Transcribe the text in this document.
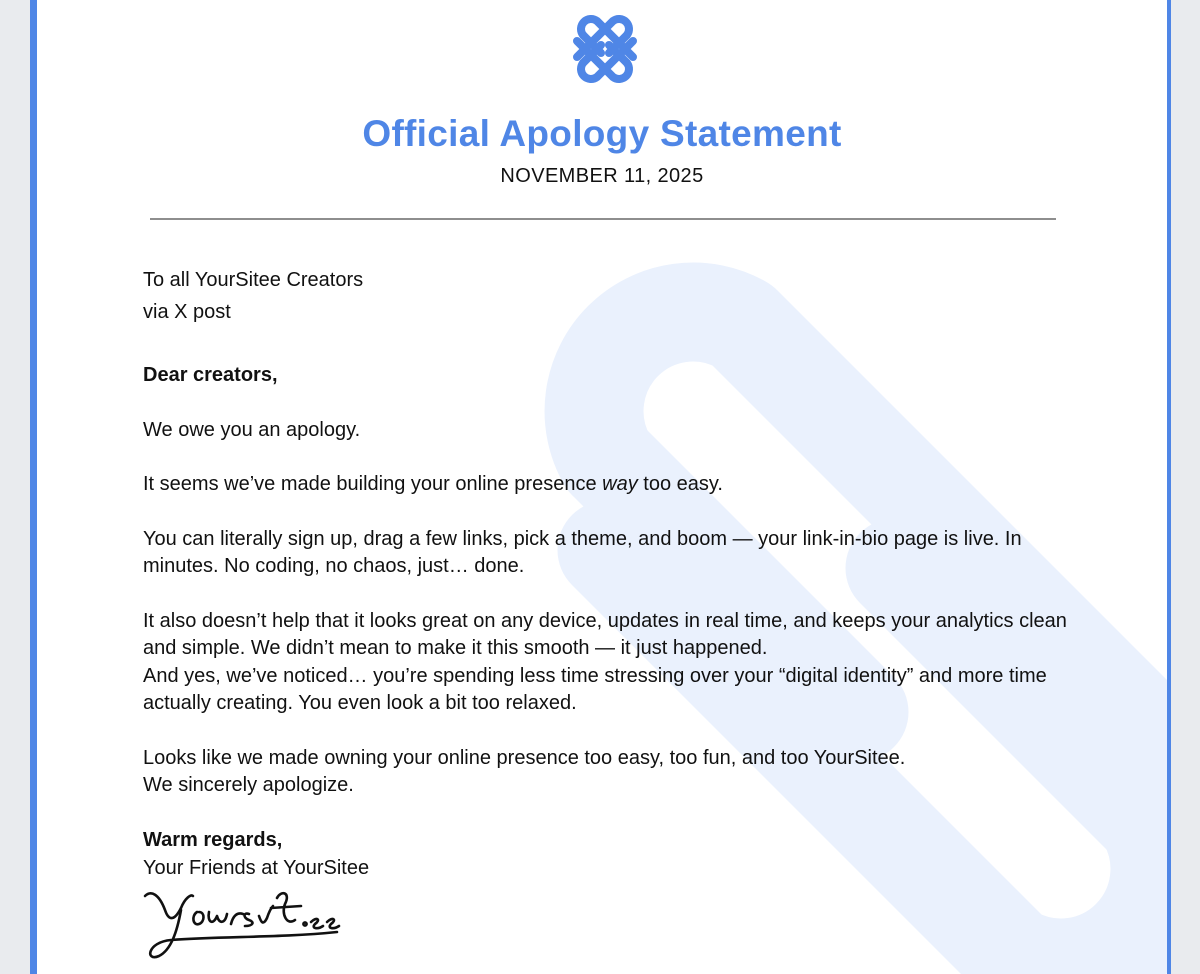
Official Apology Statement
NOVEMBER 11, 2025
To all YourSitee Creators
via X post

Dear creators,

We owe you an apology.

It seems we’ve made building your online presence way too easy.

You can literally sign up, drag a few links, pick a theme, and boom — your link-in-bio page is live. In minutes. No coding, no chaos, just… done.

It also doesn’t help that it looks great on any device, updates in real time, and keeps your analytics clean and simple. We didn’t mean to make it this smooth — it just happened.
And yes, we’ve noticed… you’re spending less time stressing over your “digital identity” and more time actually creating. You even look a bit too relaxed.

Looks like we made owning your online presence too easy, too fun, and too YourSitee.
We sincerely apologize.

Warm regards,
Your Friends at YourSitee
